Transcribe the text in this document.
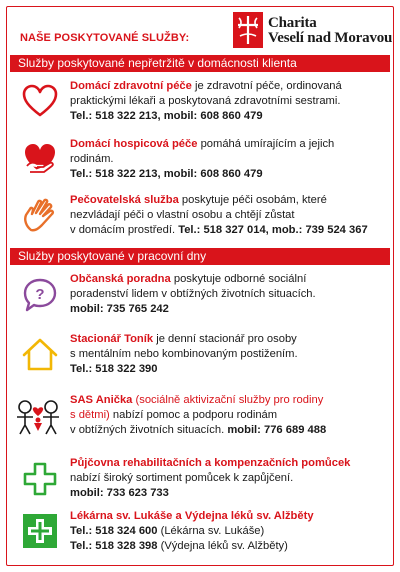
NAŠE POSKYTOVANÉ SLUŽBY:
Charita
Veselí nad Moravou
Služby poskytované nepřetržitě v domácnosti klienta

Domácí zdravotní péče je zdravotní péče, ordinovaná

praktickými lékaři a poskytovaná zdravotními sestrami.

Tel.: 518 322 213, mobil: 608 860 479

Domácí hospicová péče pomáhá umírajícím a jejich

rodinám.

Tel.: 518 322 213, mobil: 608 860 479

Pečovatelská služba poskytuje péči osobám, které

nezvládají péči o vlastní osobu a chtějí zůstat

v domácím prostředí. Tel.: 518 327 014, mob.: 739 524 367

Služby poskytované v pracovní dny
?

Občanská poradna poskytuje odborné sociální

poradenství lidem v obtížných životních situacích.

mobil: 735 765 242

Stacionář Toník je denní stacionář pro osoby

s mentálním nebo kombinovaným postižením.

Tel.: 518 322 390

SAS Anička (sociálně aktivizační služby pro rodiny

s dětmi) nabízí pomoc a podporu rodinám

v obtížných životních situacích. mobil: 776 689 488

Půjčovna rehabilitačních a kompenzačních pomůcek

nabízí široký sortiment pomůcek k zapůjčení.

mobil: 733 623 733

Lékárna sv. Lukáše a Výdejna léků sv. Alžběty

Tel.: 518 324 600 (Lékárna sv. Lukáše)

Tel.: 518 328 398 (Výdejna léků sv. Alžběty)
